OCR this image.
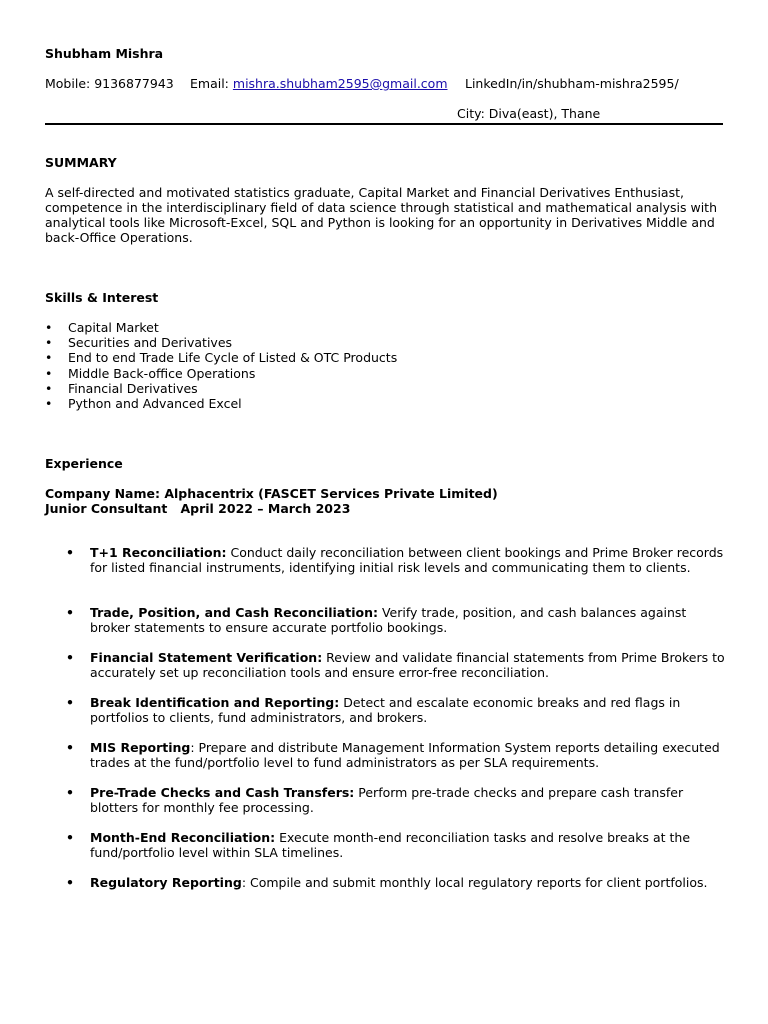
Shubham Mishra
Mobile: 9136877943 Email: mishra.shubham2595@gmail.com LinkedIn/in/shubham-mishra2595/
City: Diva(east), Thane
SUMMARY
A self-directed and motivated statistics graduate, Capital Market and Financial Derivatives Enthusiast, competence in the interdisciplinary field of data science through statistical and mathematical analysis with analytical tools like Microsoft-Excel, SQL and Python is looking for an opportunity in Derivatives Middle and back-Office Operations.
Skills & Interest
• Capital Market
• Securities and Derivatives
• End to end Trade Life Cycle of Listed & OTC Products
• Middle Back-office Operations
• Financial Derivatives
• Python and Advanced Excel
Experience
Company Name: Alphacentrix (FASCET Services Private Limited)
Junior Consultant   April 2022 – March 2023
• T+1 Reconciliation: Conduct daily reconciliation between client bookings and Prime Broker records for listed financial instruments, identifying initial risk levels and communicating them to clients.
• Trade, Position, and Cash Reconciliation: Verify trade, position, and cash balances against broker statements to ensure accurate portfolio bookings.
• Financial Statement Verification: Review and validate financial statements from Prime Brokers to accurately set up reconciliation tools and ensure error-free reconciliation.
• Break Identification and Reporting: Detect and escalate economic breaks and red flags in portfolios to clients, fund administrators, and brokers.
• MIS Reporting: Prepare and distribute Management Information System reports detailing executed trades at the fund/portfolio level to fund administrators as per SLA requirements.
• Pre-Trade Checks and Cash Transfers: Perform pre-trade checks and prepare cash transfer blotters for monthly fee processing.
• Month-End Reconciliation: Execute month-end reconciliation tasks and resolve breaks at the fund/portfolio level within SLA timelines.
• Regulatory Reporting: Compile and submit monthly local regulatory reports for client portfolios.
